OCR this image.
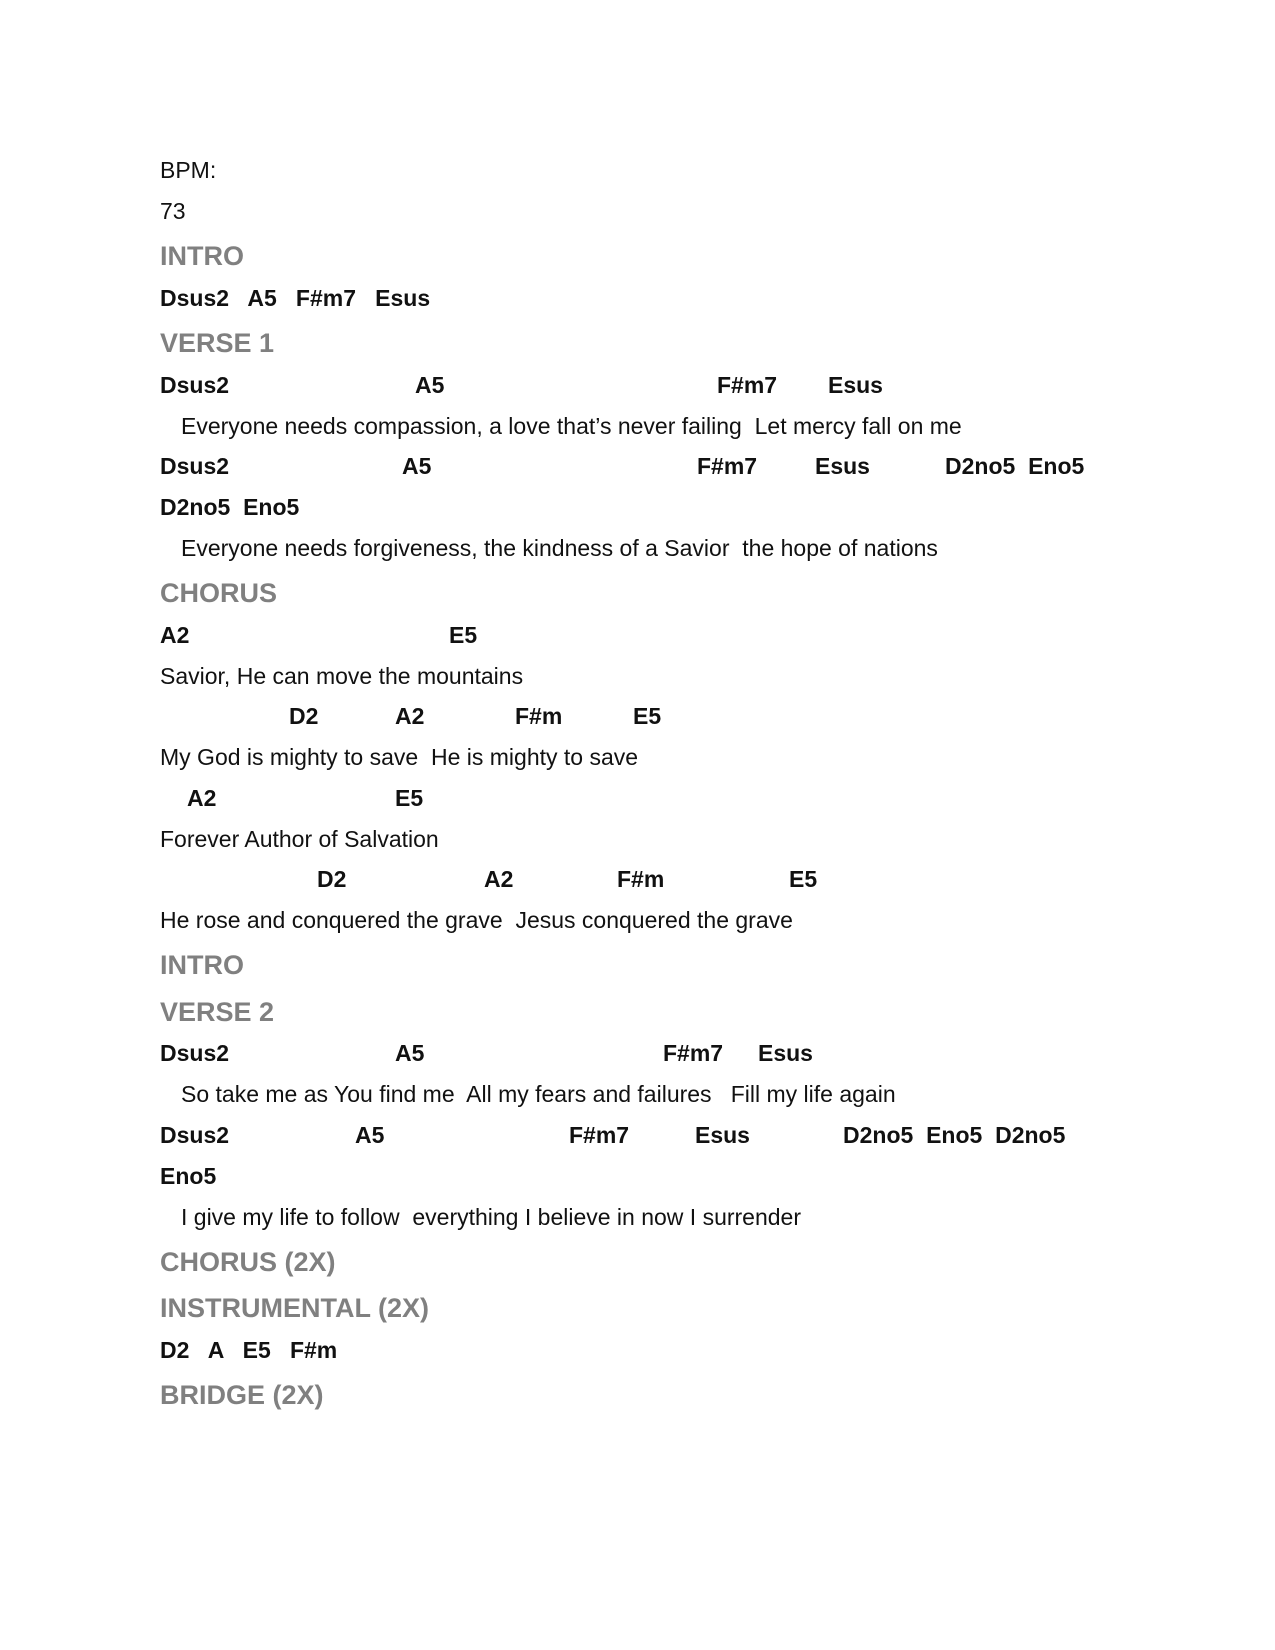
BPM:
73
INTRO
Dsus2   A5   F#m7   Esus
VERSE 1

Dsus2

	A5

	F#m7

Esus

Everyone needs compassion, a love that’s never failing  Let mercy fall on me

Dsus2

	A5

	F#m7

	Esus

	D2no5  Eno5

D2no5  Eno5
Everyone needs forgiveness, the kindness of a Savior  the hope of nations
CHORUS

A2

	E5

Savior, He can move the mountains

D2

	A2

	F#m

	E5

My God is mighty to save  He is mighty to save

A2

	E5

Forever Author of Salvation

D2

	A2

	F#m

	E5

He rose and conquered the grave  Jesus conquered the grave
INTRO
VERSE 2

Dsus2

	A5

	F#m7

Esus

So take me as You find me  All my fears and failures   Fill my life again

Dsus2

	A5

	F#m7

	Esus

	D2no5  Eno5  D2no5

Eno5
I give my life to follow  everything I believe in now I surrender
CHORUS (2X)
INSTRUMENTAL (2X)
D2   A   E5   F#m
BRIDGE (2X)
